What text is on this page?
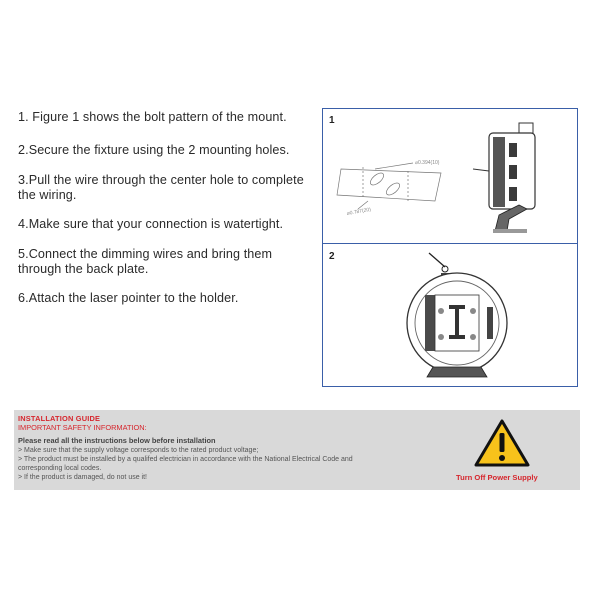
1. Figure 1 shows the bolt pattern of the mount.

2.Secure the fixture using the 2 mounting holes.

3.Pull the wire through the center hole to complete the wiring.

4.Make sure that your connection is watertight.

5.Connect the dimming wires and bring them through the back plate.

6.Attach the laser pointer to the holder.

1
2
⌀0.394(10)
⌀0.787(20)
INSTALLATION GUIDE
IMPORTANT SAFETY INFORMATION:
Please read all the instructions below before installation
> Make sure that the supply voltage corresponds to the rated product voltage;
> The product must be installed by a qualifed electrician in accordance with the National Electrical Code and corresponding local codes.
> If the product is damaged, do not use it!	Turn Off Power Supply
